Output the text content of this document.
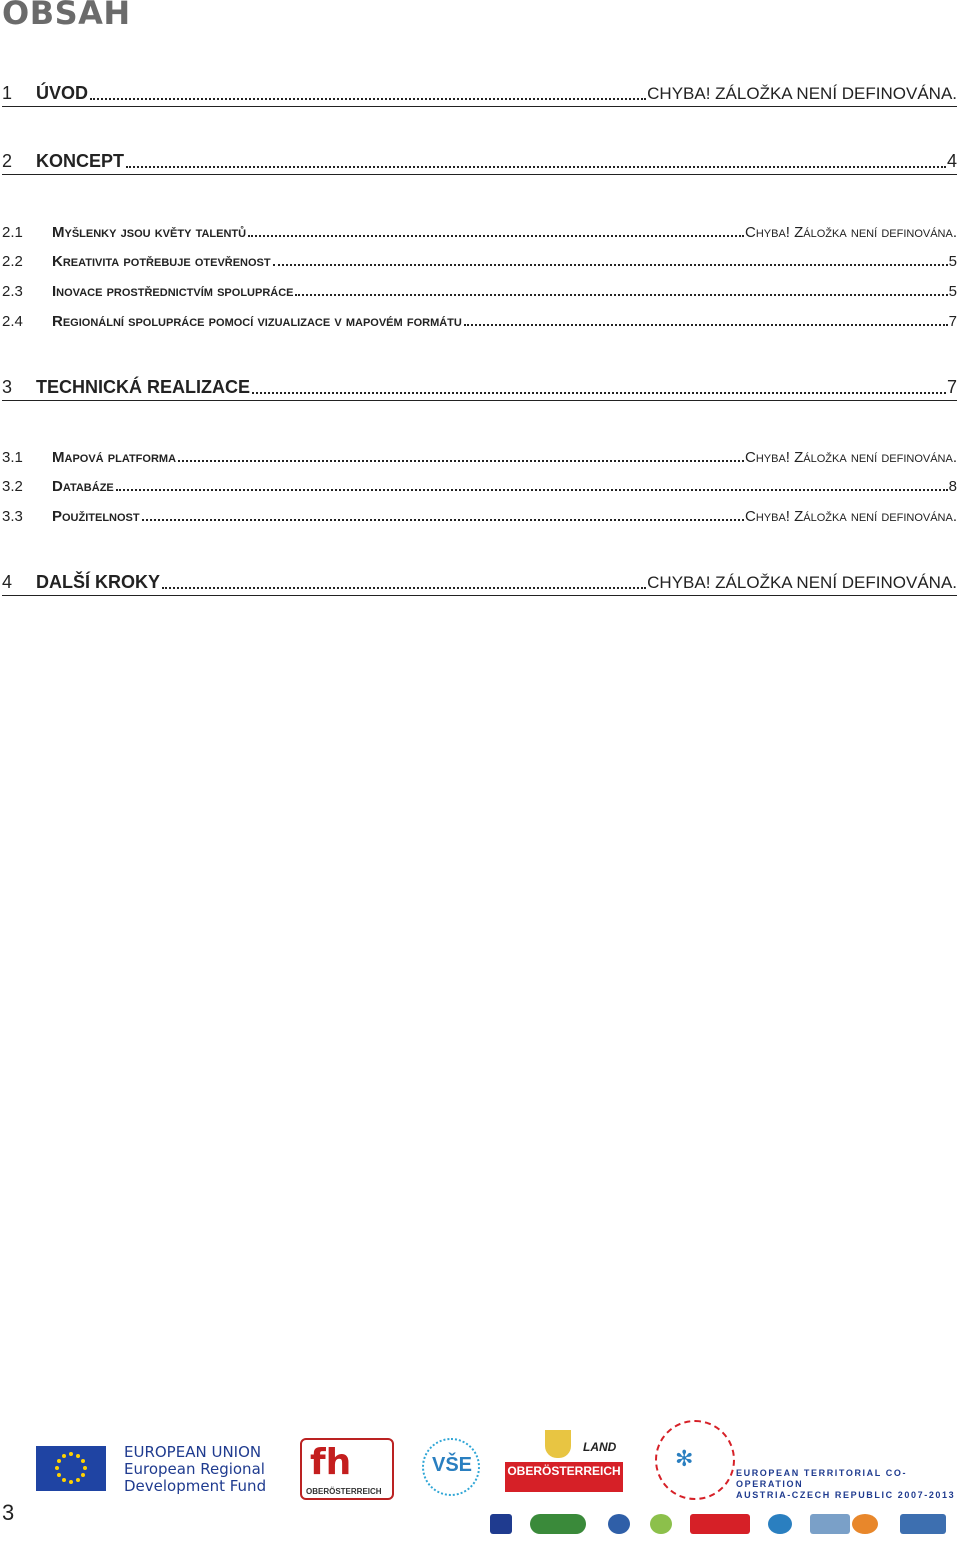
OBSAH
1	ÚVOD	CHYBA! ZÁLOŽKA NENÍ DEFINOVÁNA.
2	KONCEPT	4
2.1	Myšlenky jsou květy talentů	Chyba! Záložka není definována.
2.2	Kreativita potřebuje otevřenost	5
2.3	Inovace prostřednictvím spolupráce	5
2.4	Regionální spolupráce pomocí vizualizace v mapovém formátu	7
3	TECHNICKÁ REALIZACE	7
3.1	Mapová platforma	Chyba! Záložka není definována.
3.2	Databáze	8
3.3	Použitelnost	Chyba! Záložka není definována.
4	DALŠÍ KROKY	CHYBA! ZÁLOŽKA NENÍ DEFINOVÁNA.
3
EUROPEAN UNION
European Regional
Development Fund
fh
OBERÖSTERREICH
VŠE
LAND
OBERÖSTERREICH ✻
EUROPEAN TERRITORIAL CO-OPERATION
AUSTRIA-CZECH REPUBLIC 2007-2013
